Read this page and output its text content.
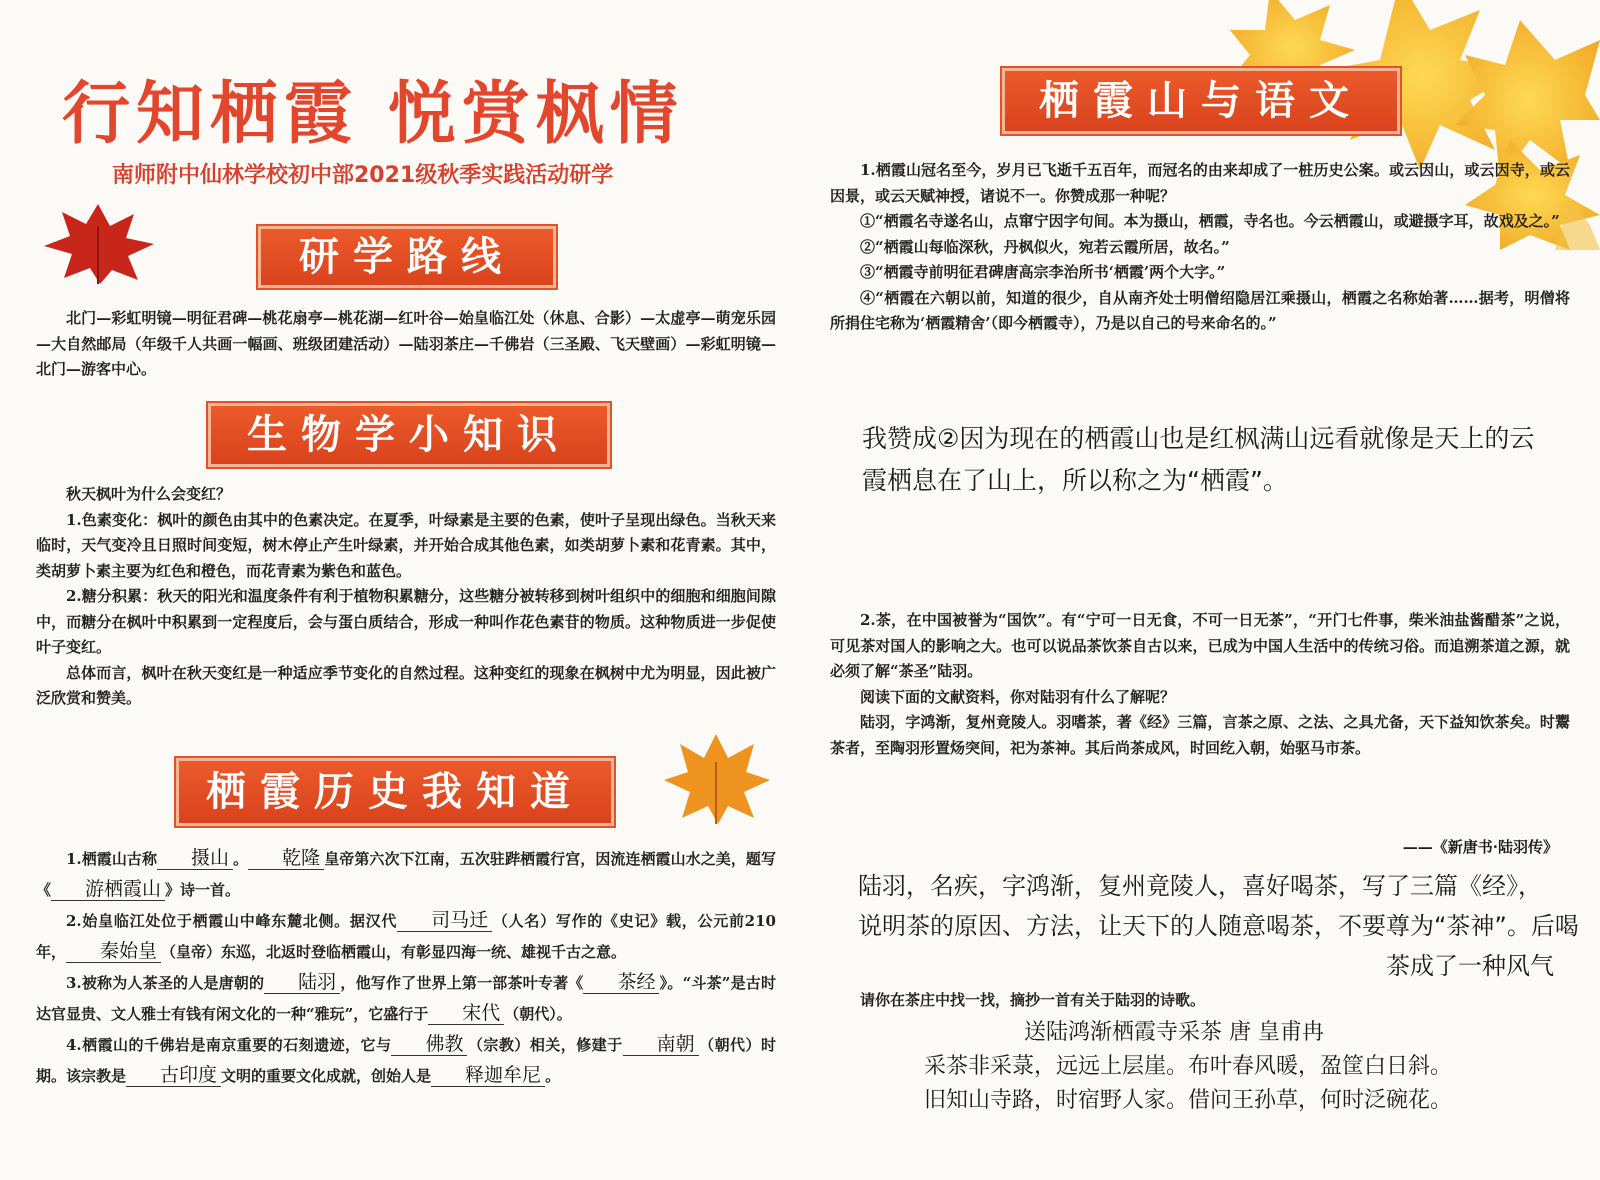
行知栖霞 悦赏枫情
南师附中仙林学校初中部2021级秋季实践活动研学
研学路线
北门—彩虹明镜—明征君碑—桃花扇亭—桃花湖—红叶谷—始皇临江处（休息、合影）—太虚亭—萌宠乐园—大自然邮局（年级千人共画一幅画、班级团建活动）—陆羽茶庄—千佛岩（三圣殿、飞天壁画）—彩虹明镜—北门—游客中心。
生物学小知识
秋天枫叶为什么会变红？
1.色素变化：枫叶的颜色由其中的色素决定。在夏季，叶绿素是主要的色素，使叶子呈现出绿色。当秋天来临时，天气变冷且日照时间变短，树木停止产生叶绿素，并开始合成其他色素，如类胡萝卜素和花青素。其中，类胡萝卜素主要为红色和橙色，而花青素为紫色和蓝色。
2.糖分积累：秋天的阳光和温度条件有利于植物积累糖分，这些糖分被转移到树叶组织中的细胞和细胞间隙中，而糖分在枫叶中积累到一定程度后，会与蛋白质结合，形成一种叫作花色素苷的物质。这种物质进一步促使叶子变红。
总体而言，枫叶在秋天变红是一种适应季节变化的自然过程。这种变红的现象在枫树中尤为明显，因此被广泛欣赏和赞美。
栖霞历史我知道
1.栖霞山古称 摄山 。 乾隆 皇帝第六次下江南，五次驻跸栖霞行宫，因流连栖霞山水之美，题写《 游栖霞山 》诗一首。
2.始皇临江处位于栖霞山中峰东麓北侧。据汉代 司马迁 （人名）写作的《史记》载，公元前210年， 秦始皇 （皇帝）东巡，北返时登临栖霞山，有彰显四海一统、雄视千古之意。
3.被称为人茶圣的人是唐朝的 陆羽 ，他写作了世界上第一部茶叶专著《 茶经 》。“斗茶”是古时达官显贵、文人雅士有钱有闲文化的一种“雅玩”，它盛行于 宋代 （朝代）。
4.栖霞山的千佛岩是南京重要的石刻遗迹，它与 佛教 （宗教）相关，修建于 南朝 （朝代）时期。该宗教是 古印度 文明的重要文化成就，创始人是 释迦牟尼 。
栖霞山与语文
1.栖霞山冠名至今，岁月已飞逝千五百年，而冠名的由来却成了一桩历史公案。或云因山，或云因寺，或云因景，或云天赋神授，诸说不一。你赞成那一种呢？
①“栖霞名寺遂名山，点窜宁因字句间。本为摄山，栖霞，寺名也。今云栖霞山，或避摄字耳，故戏及之。”
②“栖霞山每临深秋，丹枫似火，宛若云霞所居，故名。”
③“栖霞寺前明征君碑唐高宗李治所书‘栖霞’两个大字。”
④“栖霞在六朝以前，知道的很少，自从南齐处士明僧绍隐居江乘摄山，栖霞之名称始著……据考，明僧将所捐住宅称为‘栖霞精舍’（即今栖霞寺），乃是以自己的号来命名的。”
我赞成②因为现在的栖霞山也是红枫满山远看就像是天上的云霞栖息在了山上，所以称之为“栖霞”。
2.茶，在中国被誉为“国饮”。有“宁可一日无食，不可一日无茶”，“开门七件事，柴米油盐酱醋茶”之说，可见茶对国人的影响之大。也可以说品茶饮茶自古以来，已成为中国人生活中的传统习俗。而追溯茶道之源，就必须了解“茶圣”陆羽。
阅读下面的文献资料，你对陆羽有什么了解呢？
陆羽，字鸿渐，复州竟陵人。羽嗜茶，著《经》三篇，言茶之原、之法、之具尤备，天下益知饮茶矣。时鬻茶者，至陶羽形置炀突间，祀为茶神。其后尚茶成风，时回纥入朝，始驱马市茶。
——《新唐书·陆羽传》
陆羽，名疾，字鸿渐，复州竟陵人，喜好喝茶，写了三篇《经》，
说明茶的原因、方法，让天下的人随意喝茶，不要尊为“茶神”。后喝
茶成了一种风气
请你在茶庄中找一找，摘抄一首有关于陆羽的诗歌。
送陆鸿渐栖霞寺采茶 唐 皇甫冉
采茶非采菉，远远上层崖。布叶春风暖，盈筐白日斜。
旧知山寺路，时宿野人家。借问王孙草，何时泛碗花。
